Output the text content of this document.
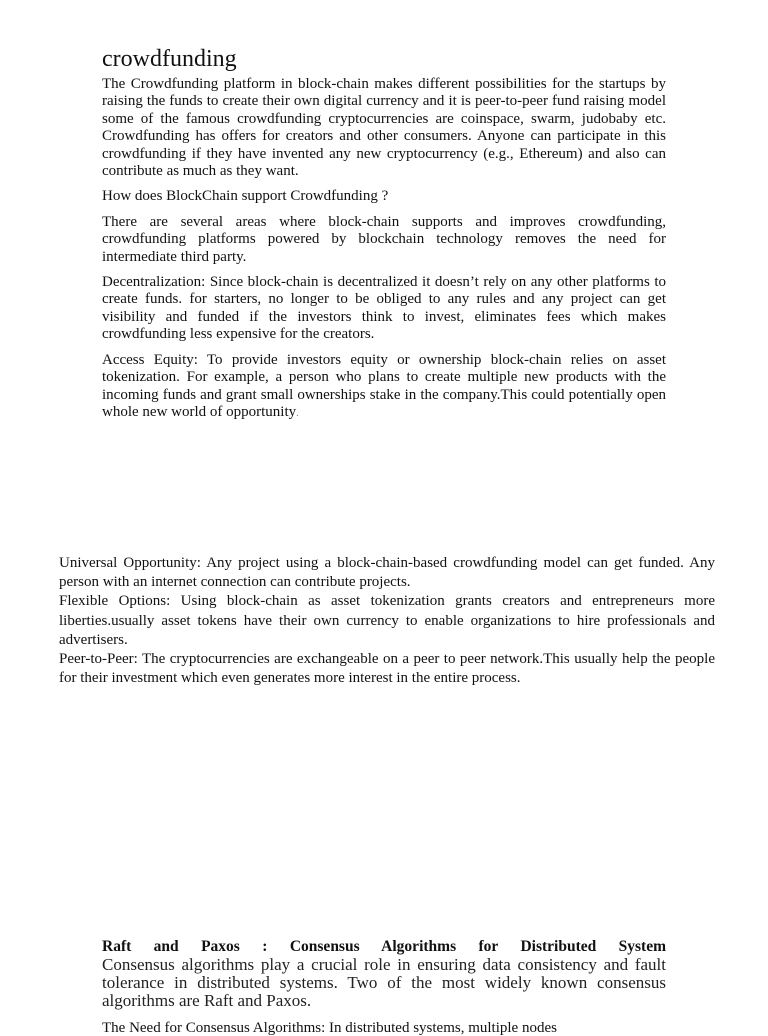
crowdfunding

The Crowdfunding platform in block-chain makes different possibilities for the startups by raising the funds to create their own digital currency and it is peer-to-peer fund raising model some of the famous crowdfunding cryptocurrencies are coinspace, swarm, judobaby etc. Crowdfunding has offers for creators and other consumers. Anyone can participate in this crowdfunding if they have invented any new cryptocurrency (e.g., Ethereum) and also can contribute as much as they want.

How does BlockChain support Crowdfunding ?

There are several areas where block-chain supports and improves crowdfunding, crowdfunding platforms powered by blockchain technology removes the need for intermediate third party.

Decentralization: Since block-chain is decentralized it doesn’t rely on any other platforms to create funds. for starters, no longer to be obliged to any rules and any project can get visibility and funded if the investors think to invest, eliminates fees which makes crowdfunding less expensive for the creators.

Access Equity: To provide investors equity or ownership block-chain relies on asset tokenization. For example, a person who plans to create multiple new products with the incoming funds and grant small ownerships stake in the company.This could potentially open whole new world of opportunity.

Universal Opportunity: Any project using a block-chain-based crowdfunding model can get funded. Any person with an internet connection can contribute projects.

Flexible Options: Using block-chain as asset tokenization grants creators and entrepreneurs more liberties.usually asset tokens have their own currency to enable organizations to hire professionals and advertisers.

Peer-to-Peer: The cryptocurrencies are exchangeable on a peer to peer network.This usually help the people for their investment which even generates more interest in the entire process.

Raft and Paxos : Consensus Algorithms for Distributed System

Consensus algorithms play a crucial role in ensuring data consistency and fault tolerance in distributed systems. Two of the most widely known consensus algorithms are Raft and Paxos.

The Need for Consensus Algorithms: In distributed systems, multiple nodes
